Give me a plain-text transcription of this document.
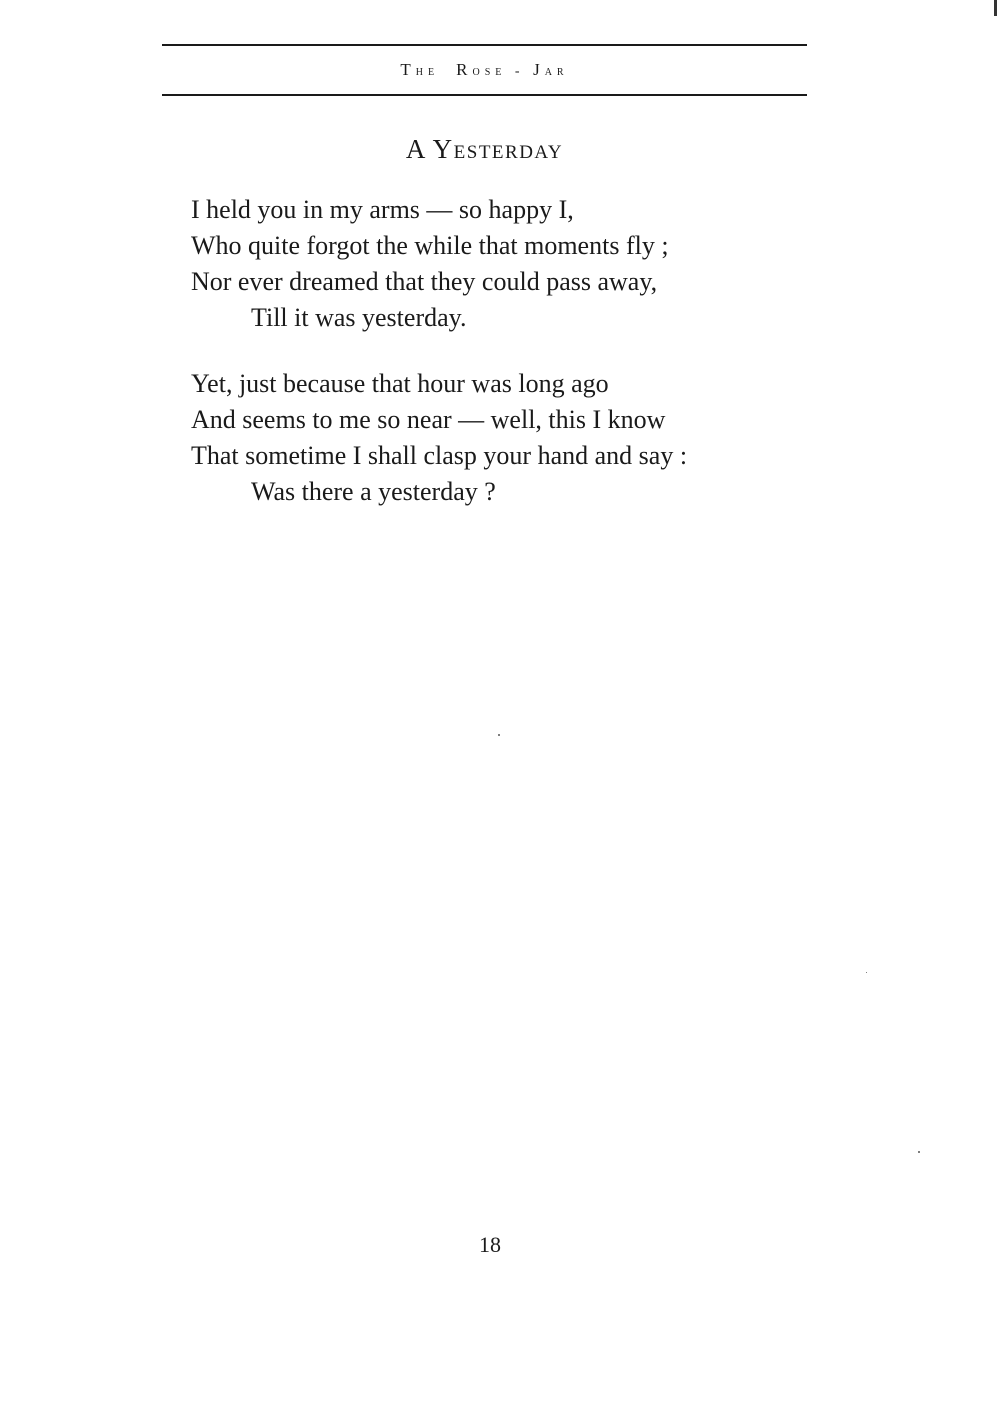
The Rose - Jar
A Yesterday
I held you in my arms — so happy I,
Who quite forgot the while that moments fly ;
Nor ever dreamed that they could pass away,
Till it was yesterday.
Yet, just because that hour was long ago
And seems to me so near — well, this I know
That sometime I shall clasp your hand and say :
Was there a yesterday ?
18
